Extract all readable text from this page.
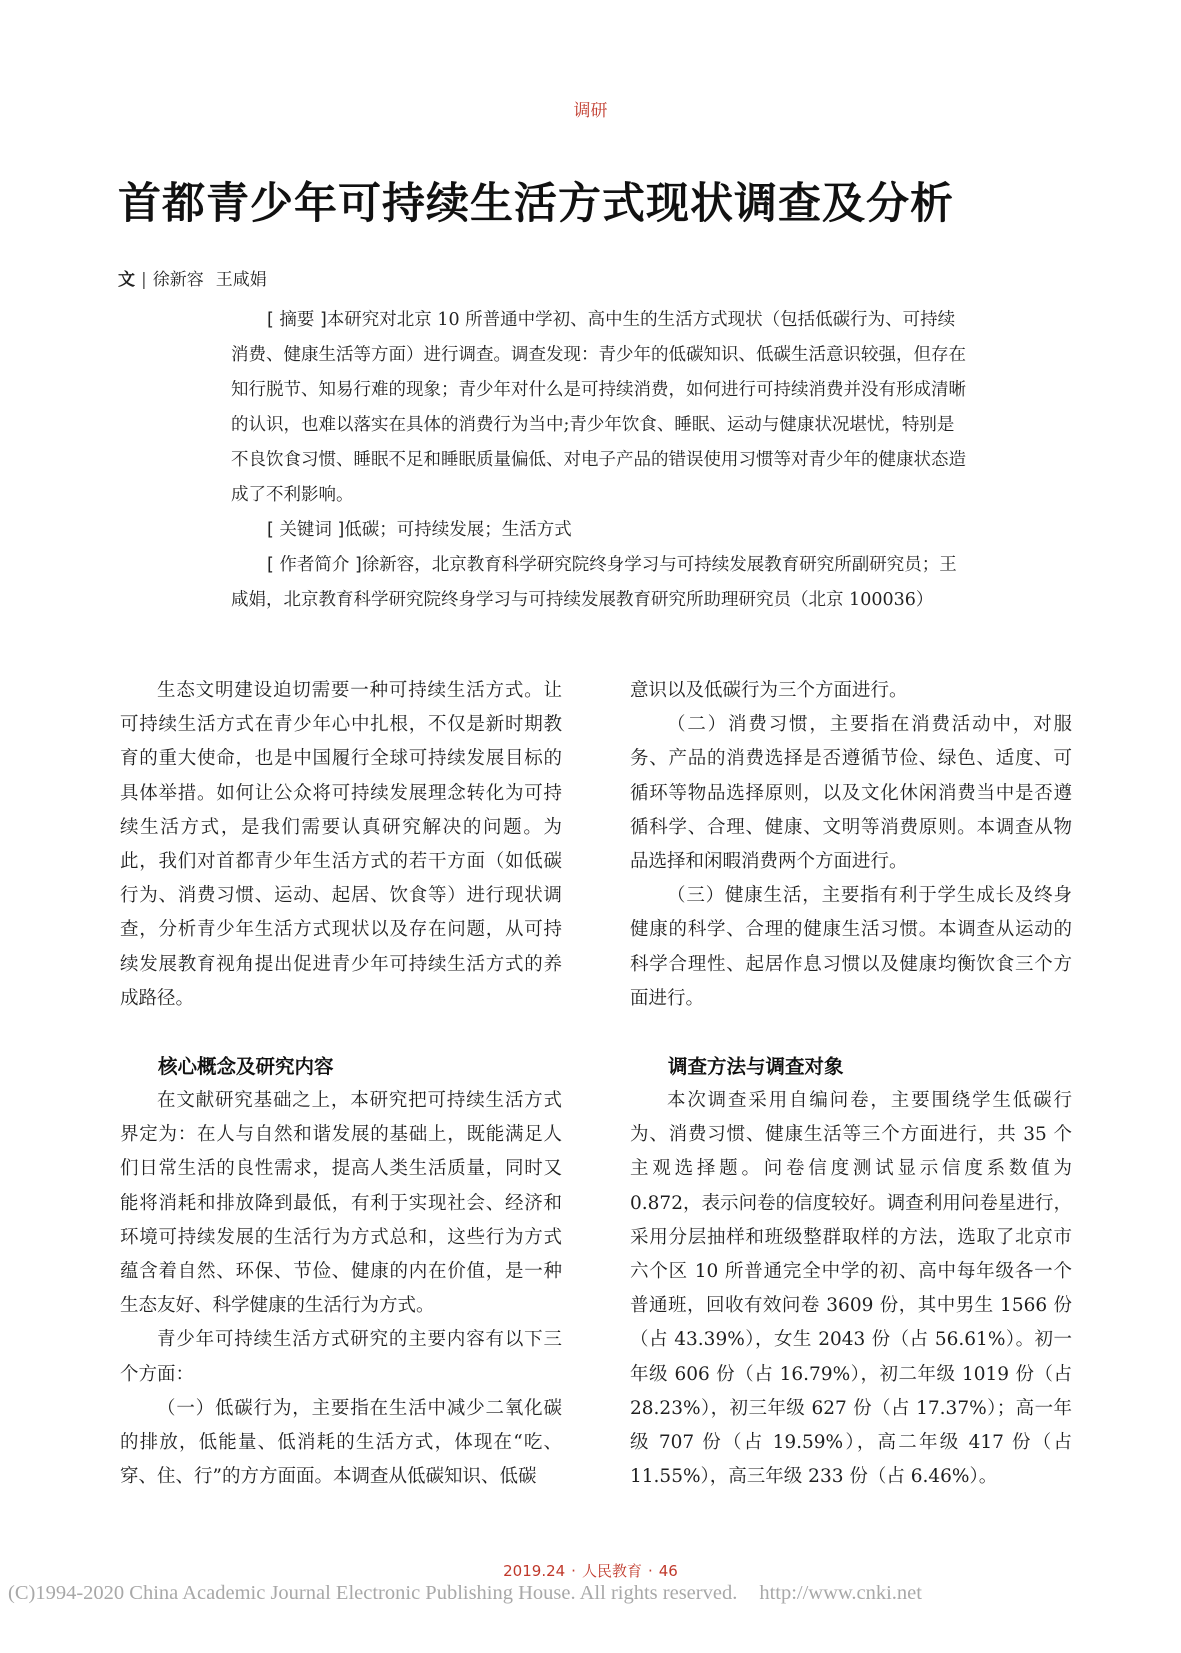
调研
首都青少年可持续生活方式现状调查及分析
文 | 徐新容 王咸娟

[ 摘要 ]本研究对北京 10 所普通中学初、高中生的生活方式现状（包括低碳行为、可持续消费、健康生活等方面）进行调查。调查发现：青少年的低碳知识、低碳生活意识较强，但存在知行脱节、知易行难的现象；青少年对什么是可持续消费，如何进行可持续消费并没有形成清晰的认识，也难以落实在具体的消费行为当中;青少年饮食、睡眠、运动与健康状况堪忧，特别是不良饮食习惯、睡眠不足和睡眠质量偏低、对电子产品的错误使用习惯等对青少年的健康状态造成了不利影响。

[ 关键词 ]低碳；可持续发展；生活方式

[ 作者简介 ]徐新容，北京教育科学研究院终身学习与可持续发展教育研究所副研究员；王咸娟，北京教育科学研究院终身学习与可持续发展教育研究所助理研究员（北京 100036）

生态文明建设迫切需要一种可持续生活方式。让可持续生活方式在青少年心中扎根，不仅是新时期教育的重大使命，也是中国履行全球可持续发展目标的具体举措。如何让公众将可持续发展理念转化为可持续生活方式，是我们需要认真研究解决的问题。为此，我们对首都青少年生活方式的若干方面（如低碳行为、消费习惯、运动、起居、饮食等）进行现状调查，分析青少年生活方式现状以及存在问题，从可持续发展教育视角提出促进青少年可持续生活方式的养成路径。

核心概念及研究内容

在文献研究基础之上，本研究把可持续生活方式界定为：在人与自然和谐发展的基础上，既能满足人们日常生活的良性需求，提高人类生活质量，同时又能将消耗和排放降到最低，有利于实现社会、经济和环境可持续发展的生活行为方式总和，这些行为方式蕴含着自然、环保、节俭、健康的内在价值，是一种生态友好、科学健康的生活行为方式。

青少年可持续生活方式研究的主要内容有以下三个方面：

（一）低碳行为，主要指在生活中减少二氧化碳的排放，低能量、低消耗的生活方式，体现在“吃、穿、住、行”的方方面面。本调查从低碳知识、低碳

意识以及低碳行为三个方面进行。

（二）消费习惯，主要指在消费活动中，对服务、产品的消费选择是否遵循节俭、绿色、适度、可循环等物品选择原则，以及文化休闲消费当中是否遵循科学、合理、健康、文明等消费原则。本调查从物品选择和闲暇消费两个方面进行。

（三）健康生活，主要指有利于学生成长及终身健康的科学、合理的健康生活习惯。本调查从运动的科学合理性、起居作息习惯以及健康均衡饮食三个方面进行。

调查方法与调查对象

本次调查采用自编问卷，主要围绕学生低碳行为、消费习惯、健康生活等三个方面进行，共 35 个主观选择题。问卷信度测试显示信度系数值为 0.872，表示问卷的信度较好。调查利用问卷星进行，采用分层抽样和班级整群取样的方法，选取了北京市六个区 10 所普通完全中学的初、高中每年级各一个普通班，回收有效问卷 3609 份，其中男生 1566 份（占 43.39%），女生 2043 份（占 56.61%）。初一年级 606 份（占 16.79%），初二年级 1019 份（占 28.23%），初三年级 627 份（占 17.37%）；高一年级 707 份（占 19.59%），高二年级 417 份（占 11.55%），高三年级 233 份（占 6.46%）。

2019.24 · 人民教育 · 46
(C)1994-2020 China Academic Journal Electronic Publishing House. All rights reserved. http://www.cnki.net
